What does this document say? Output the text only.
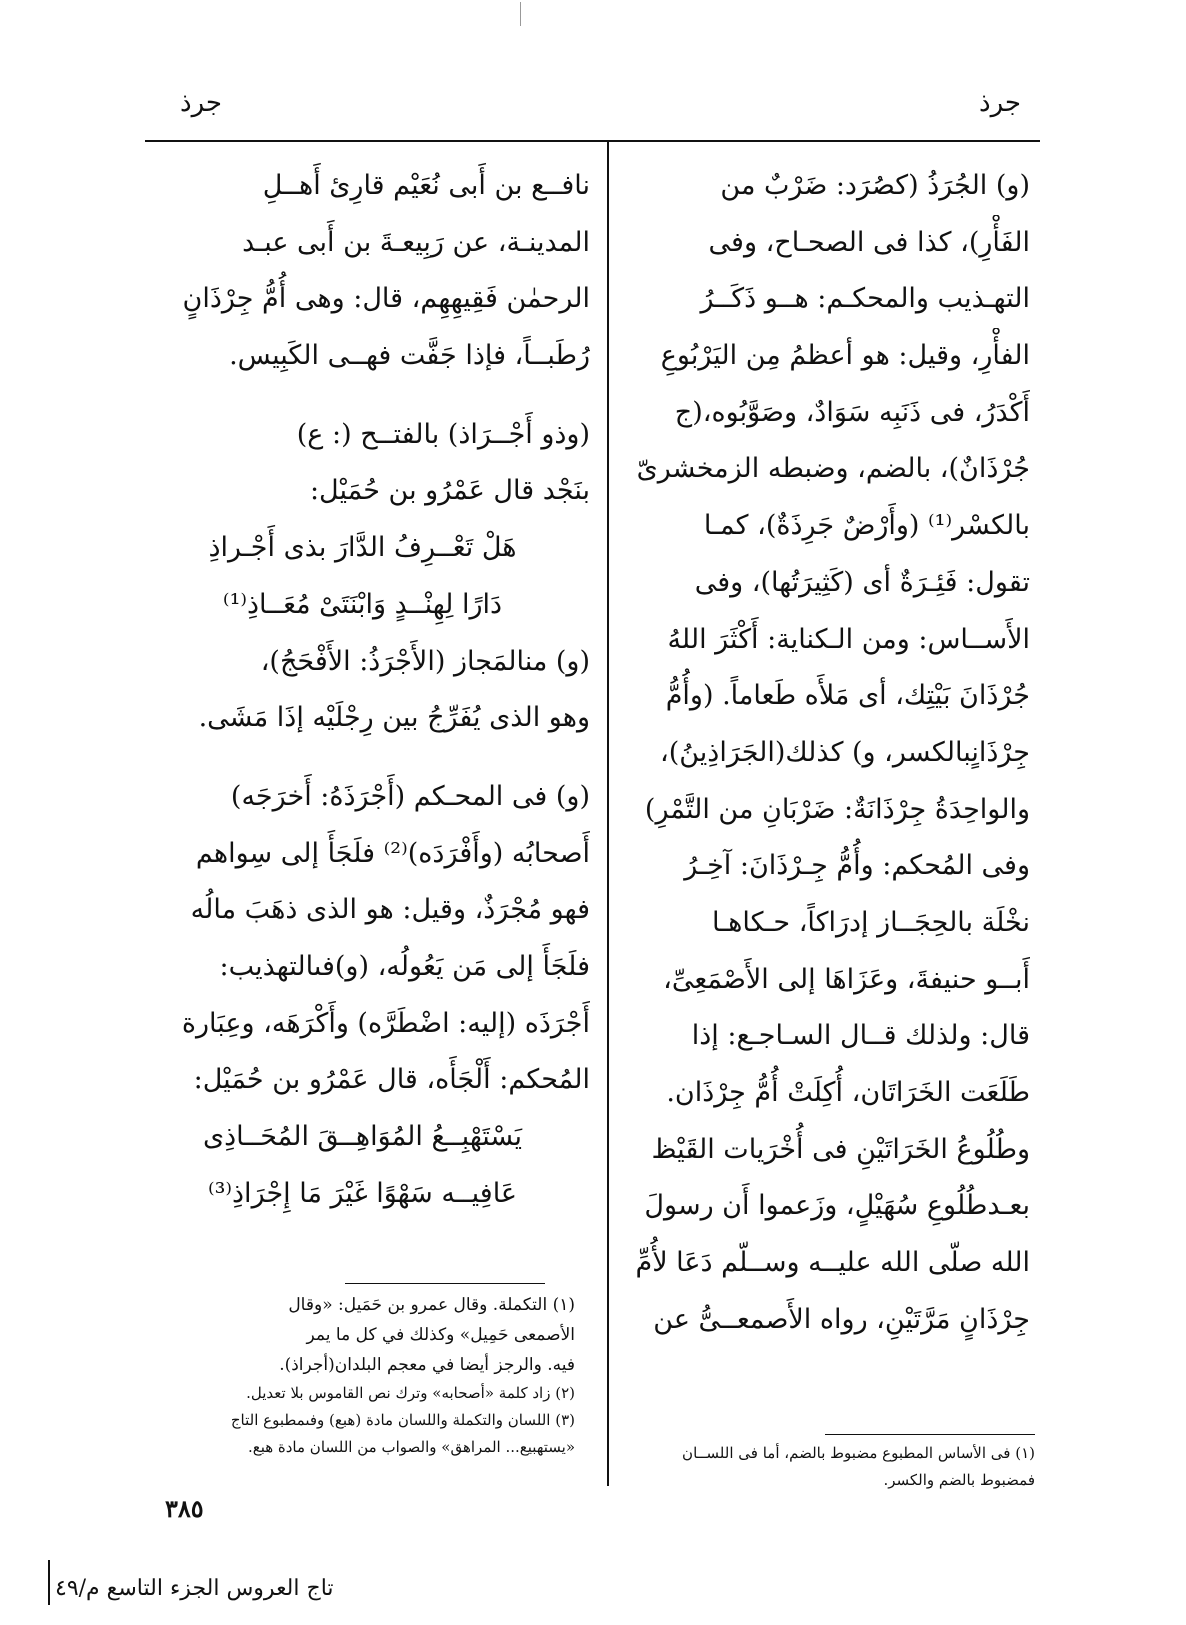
جرذ
جرذ
(و) الجُرَذُ (كصُرَد: ضَرْبٌ من
الفَأْرِ)، كذا فى الصحـاح، وفى
التهـذيب والمحكـم: هــو ذَكَــرُ
الفأْرِ، وقيل: هو أعظمُ مِن اليَرْبُوعِ
أَكْدَرُ، فى ذَنَبِه سَوَادٌ، وصَوَّبُوه،(ج
جُرْذَانٌ)، بالضم، وضبطه الزمخشرىّ
بالكسْر⁽¹⁾ (وأَرْضٌ جَرِذَةٌ)، كمـا
تقول: فَئِـرَةٌ أى (كَثِيرَتُها)، وفى
الأَســاس: ومن الـكناية: أَكْثَرَ اللهُ
جُرْذَانَ بَيْتِك، أى مَلأَه طَعاماً. (وأُمُّ
جِرْذَانٍبالكسر، و) كذلك(الجَرَاذِينُ)،
والواحِدَةُ جِرْذَانَةٌ: ضَرْبَانِ من التَّمْرِ)
وفى المُحكم: وأُمُّ جِـرْذَانَ: آخِـرُ
نخْلَة بالحِجَــاز إدرَاكاً، حـكاهـا
أَبــو حنيفةَ، وعَزَاهَا إلى الأَصْمَعِىِّ،
قال: ولذلك قــال السـاجـع: إذا
طَلَعَت الخَرَاتَان، أُكِلَتْ أُمُّ جِرْذَان.
وطُلُوعُ الخَرَاتَيْنِ فى أُخْرَيات القَيْظ
بعـدطُلُوعِ سُهَيْلٍ، وزَعموا أَن رسولَ
الله صلّى الله عليــه وســلّم دَعَا لأُمِّ
جِرْذَانٍ مَرَّتَيْنِ، رواه الأَصمعــىُّ عن
نافــع بن أَبى نُعَيْم قارِئ أَهــلِ
المدينـة، عن رَبِيعـةَ بن أَبى عبـد
الرحمٰن فَقِيهِهِم، قال: وهى أُمُّ جِرْذَانٍ
رُطَبــاً، فإذا جَفَّت فهــى الكَبِيس.
(وذو أَجْــرَاذ) بالفتــح (: ع)
بنَجْد قال عَمْرُو بن حُمَيْل:
هَلْ تَعْــرِفُ الدَّارَ بذى أَجْـراذِ
دَارًا لِهِنْــدٍ وَابْنَتَىْ مُعَــاذِ⁽¹⁾
(و) منالمَجاز (الأَجْرَذُ: الأَفْحَجُ)،
وهو الذى يُفَرِّجُ بين رِجْلَيْه إذَا مَشَى.
(و) فى المحـكم (أَجْرَذَهُ: أَخرَجَه)
أَصحابُه (وأَفْرَدَه)⁽²⁾ فلَجَأَ إلى سِواهم
فهو مُجْرَذٌ، وقيل: هو الذى ذهَبَ مالُه
فلَجَأَ إلى مَن يَعُولُه، (و)فىالتهذيب:
أَجْرَذَه (إليه: اضْطَرَّه) وأَكْرَهَه، وعِبَارة
المُحكم: أَلْجَأَه، قال عَمْرُو بن حُمَيْل:
يَسْتَهْبِــعُ المُوَاهِــقَ المُحَــاذِى
عَافِيــه سَهْوًا غَيْرَ مَا إِجْرَاذِ⁽³⁾
(١) التكملة. وقال عمرو بن حَمَيل: «وقال
الأصمعى حَمِيل» وكذلك في كل ما يمر
فيه. والرجز أيضا في معجم البلدان(أجراذ).
(٢) زاد كلمة «أصحابه» وترك نص القاموس بلا تعديل.
(٣) اللسان والتكملة واللسان مادة (هبع) وفىمطبوع التاج
«يستهبيع... المراهق» والصواب من اللسان مادة هبع.	(١) فى الأساس المطبوع مضبوط بالضم، أما فى اللســان
فمضبوط بالضم والكسر.
٣٨٥
تاج العروس الجزء التاسع م/٤٩
